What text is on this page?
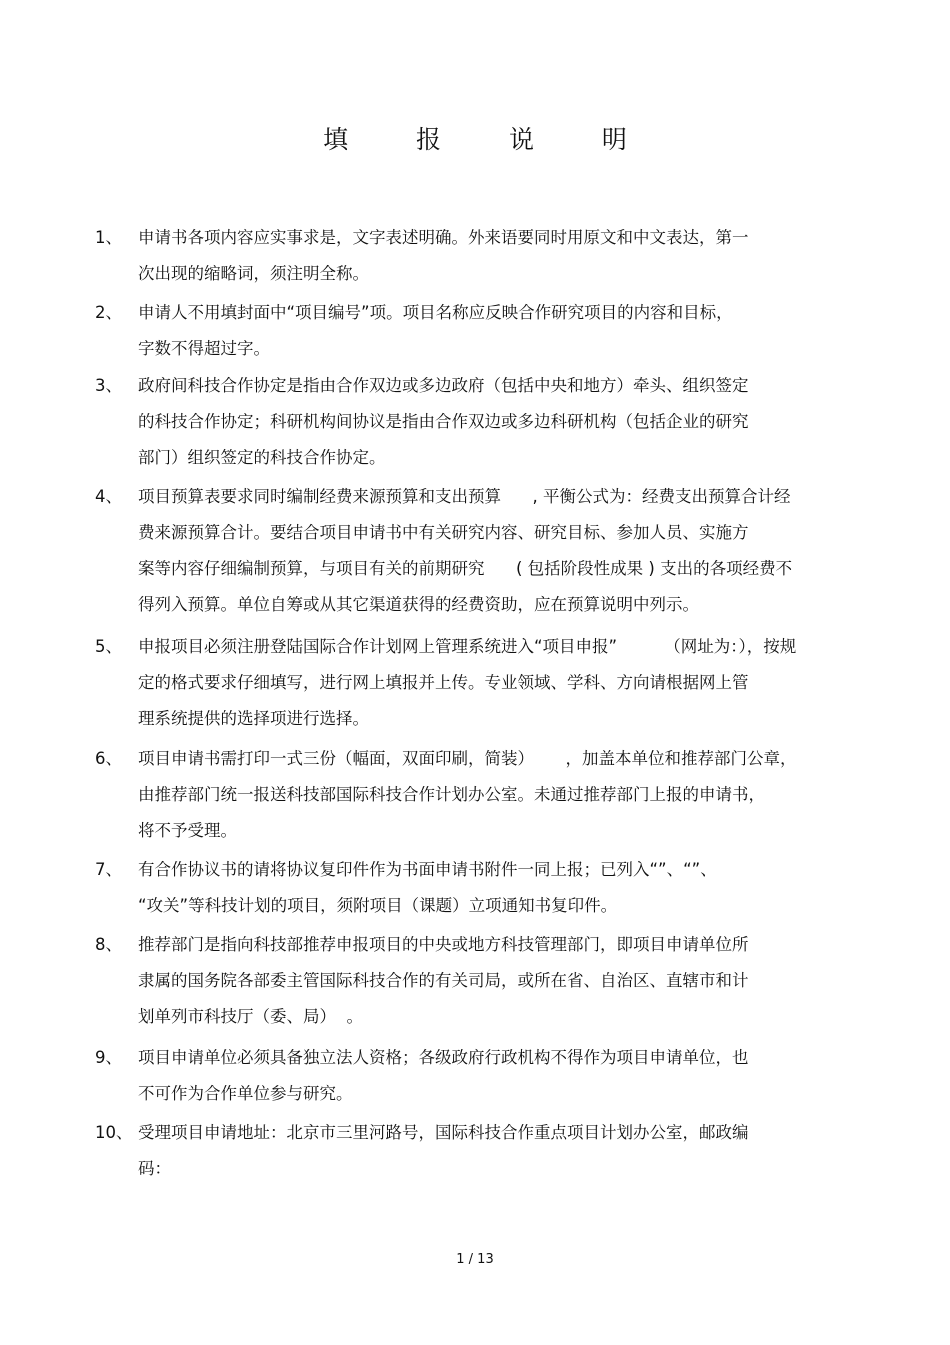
填 报 说 明
1、 申请书各项内容应实事求是，文字表述明确。外来语要同时用原文和中文表达，第一
次出现的缩略词，须注明全称。
2、 申请人不用填封面中“项目编号”项。项目名称应反映合作研究项目的内容和目标，
字数不得超过字。
3、 政府间科技合作协定是指由合作双边或多边政府（包括中央和地方）牵头、组织签定
的科技合作协定；科研机构间协议是指由合作双边或多边科研机构（包括企业的研究
部门）组织签定的科技合作协定。
4、 项目预算表要求同时编制经费来源预算和支出预算      , 平衡公式为：经费支出预算合计经
费来源预算合计。要结合项目申请书中有关研究内容、研究目标、参加人员、实施方
案等内容仔细编制预算，与项目有关的前期研究      ( 包括阶段性成果 ) 支出的各项经费不
得列入预算。单位自筹或从其它渠道获得的经费资助，应在预算说明中列示。
5、 申报项目必须注册登陆国际合作计划网上管理系统进入“项目申报”         （网址为：），按规
定的格式要求仔细填写，进行网上填报并上传。专业领域、学科、方向请根据网上管
理系统提供的选择项进行选择。
6、 项目申请书需打印一式三份（幅面，双面印刷，简装）      ，加盖本单位和推荐部门公章，
由推荐部门统一报送科技部国际科技合作计划办公室。未通过推荐部门上报的申请书，
将不予受理。
7、 有合作协议书的请将协议复印件作为书面申请书附件一同上报；已列入“”、“”、
“攻关”等科技计划的项目，须附项目（课题）立项通知书复印件。
8、 推荐部门是指向科技部推荐申报项目的中央或地方科技管理部门，即项目申请单位所
隶属的国务院各部委主管国际科技合作的有关司局，或所在省、自治区、直辖市和计
划单列市科技厅（委、局）  。
9、 项目申请单位必须具备独立法人资格；各级政府行政机构不得作为项目申请单位，也
不可作为合作单位参与研究。
10、 受理项目申请地址：北京市三里河路号，国际科技合作重点项目计划办公室，邮政编
码：
1 / 13
